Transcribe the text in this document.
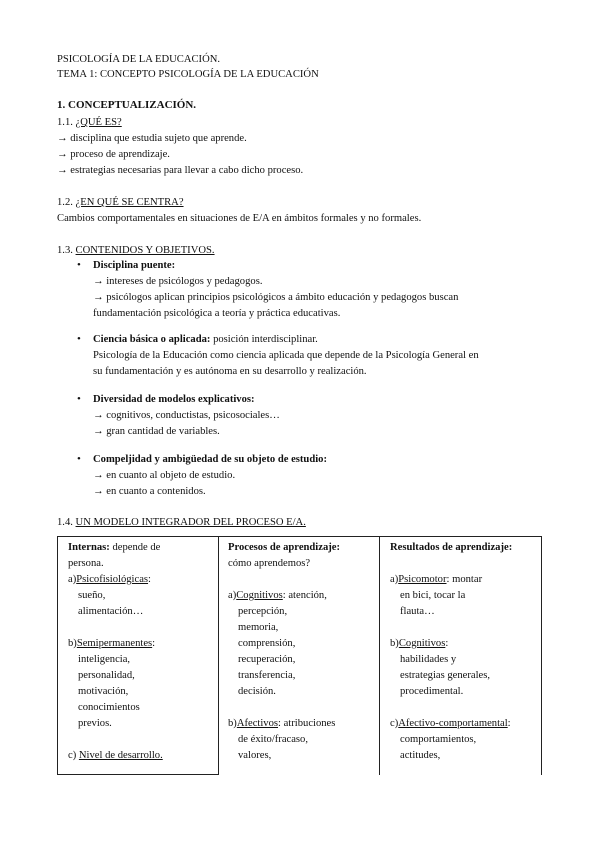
PSICOLOGÍA DE LA EDUCACIÓN.
TEMA 1: CONCEPTO PSICOLOGÍA DE LA EDUCACIÓN
1. CONCEPTUALIZACIÓN.
1.1. ¿QUÉ ES?
→ disciplina que estudia sujeto que aprende.
→ proceso de aprendizaje.
→ estrategias necesarias para llevar a cabo dicho proceso.
1.2. ¿EN QUÉ SE CENTRA?
Cambios comportamentales en situaciones de E/A en ámbitos formales y no formales.
1.3. CONTENIDOS Y OBJETIVOS.
• Disciplina puente:
→ intereses de psicólogos y pedagogos.
→ psicólogos aplican principios psicológicos a ámbito educación y pedagogos buscan
fundamentación psicológica a teoría y práctica educativas.
• Ciencia básica o aplicada: posición interdisciplinar.
Psicología de la Educación como ciencia aplicada que depende de la Psicología General en
su fundamentación y es autónoma en su desarrollo y realización.
• Diversidad de modelos explicativos:
→ cognitivos, conductistas, psicosociales…
→ gran cantidad de variables.
• Compeljidad y ambigüedad de su objeto de estudio:
→ en cuanto al objeto de estudio.
→ en cuanto a contenidos.
1.4. UN MODELO INTEGRADOR DEL PROCESO E/A.
Internas: depende de
persona.
a)Psicofisiológicas:
sueño,
alimentación…
b)Semipermanentes:
inteligencia,
personalidad,
motivación,
conocimientos
previos.
c) Nivel de desarrollo.
Procesos de aprendizaje:
cómo aprendemos?
a)Cognitivos: atención,
percepción,
memoria,
comprensión,
recuperación,
transferencia,
decisión.
b)Afectivos: atribuciones
de éxito/fracaso,
valores,
Resultados de aprendizaje:
a)Psicomotor: montar
en bici, tocar la
flauta…
b)Cognitivos:
habilidades y
estrategias generales,
procedimental.
c)Afectivo-comportamental:
comportamientos,
actitudes,
